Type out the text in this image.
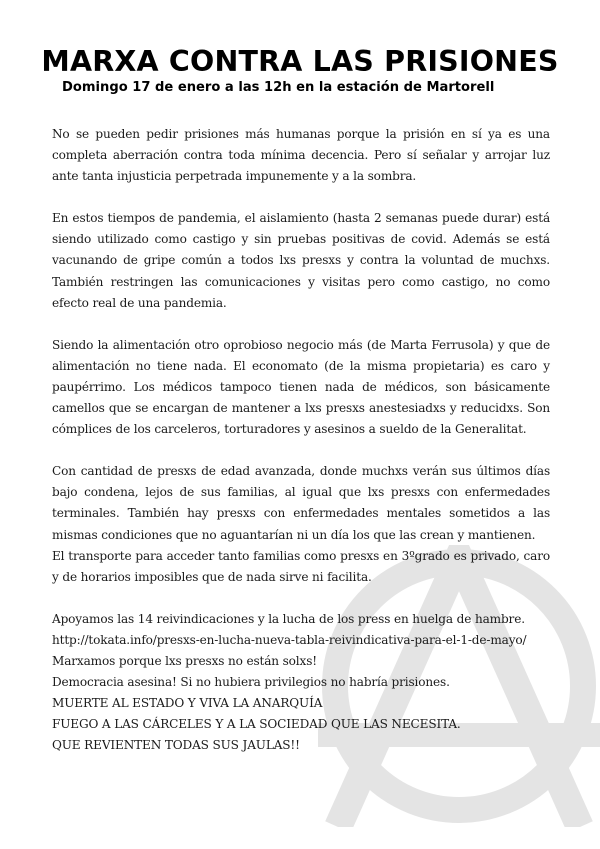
MARXA CONTRA LAS PRISIONES
Domingo 17 de enero a las 12h en la estación de Martorell

No se pueden pedir prisiones más humanas porque la prisión en sí ya es una completa aberración contra toda mínima decencia. Pero sí señalar y arrojar luz ante tanta injusticia perpetrada impunemente y a la sombra.

En estos tiempos de pandemia, el aislamiento (hasta 2 semanas puede durar) está siendo utilizado como castigo y sin pruebas positivas de covid. Además se está vacunando de gripe común a todos lxs presxs y contra la voluntad de muchxs. También restringen las comunicaciones y visitas pero como castigo, no como efecto real de una pandemia.

Siendo la alimentación otro oprobioso negocio más (de Marta Ferrusola) y que de alimentación no tiene nada. El economato (de la misma propietaria) es caro y paupérrimo. Los médicos tampoco tienen nada de médicos, son básicamente camellos que se encargan de mantener a lxs presxs anestesiadxs y reducidxs. Son cómplices de los carceleros, torturadores y asesinos a sueldo de la Generalitat.

Con cantidad de presxs de edad avanzada, donde muchxs verán sus últimos días bajo condena, lejos de sus familias, al igual que lxs presxs con enfermedades terminales. También hay presxs con enfermedades mentales sometidos a las mismas condiciones que no aguantarían ni un día los que las crean y mantienen.

El transporte para acceder tanto familias como presxs en 3ºgrado es privado, caro y de horarios imposibles que de nada sirve ni facilita.

Apoyamos las 14 reivindicaciones y la lucha de los press en huelga de hambre.
http://tokata.info/presxs-en-lucha-nueva-tabla-reivindicativa-para-el-1-de-mayo/
Marxamos porque lxs presxs no están solxs!
Democracia asesina! Si no hubiera privilegios no habría prisiones.
MUERTE AL ESTADO Y VIVA LA ANARQUÍA
FUEGO A LAS CÁRCELES Y A LA SOCIEDAD QUE LAS NECESITA.
QUE REVIENTEN TODAS SUS JAULAS!!
